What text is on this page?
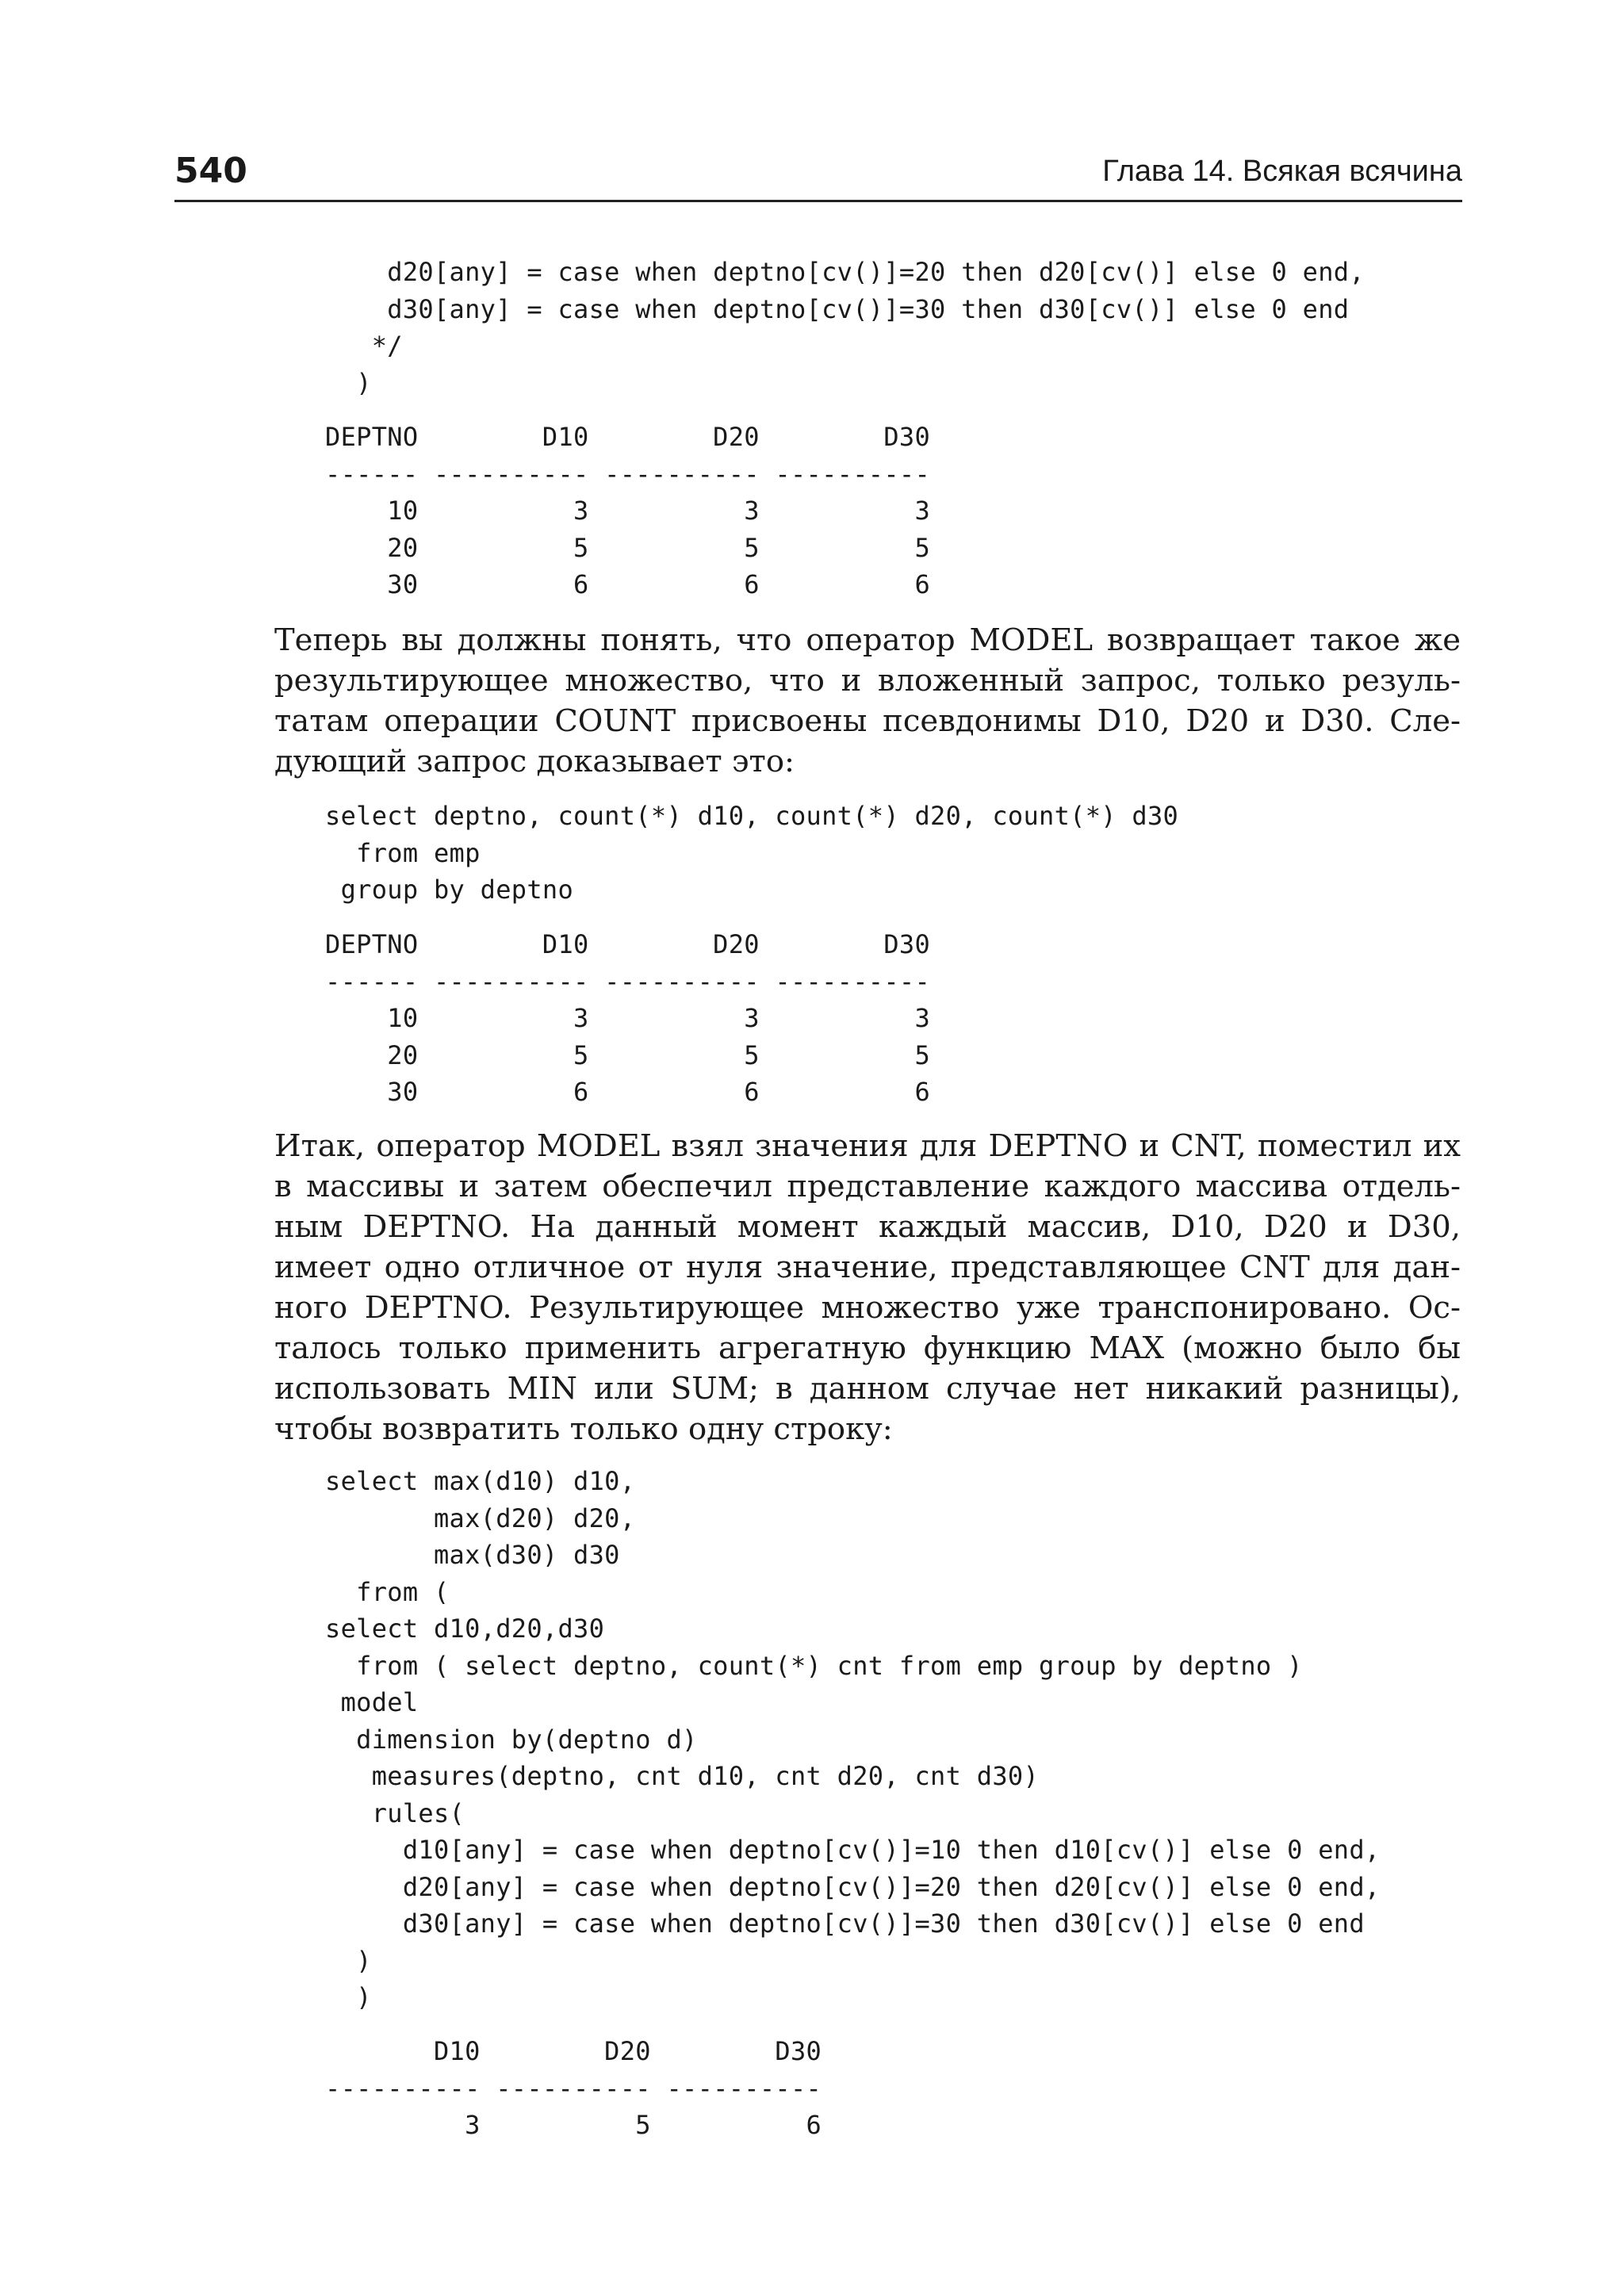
540	Глава 14. Всякая всячина
d20[any] = case when deptno[cv()]=20 then d20[cv()] else 0 end,
d30[any] = case when deptno[cv()]=30 then d30[cv()] else 0 end
*/
)
DEPTNO        D10        D20        D30
------ ---------- ---------- ----------
10          3          3          3
20          5          5          5
30          6          6          6

Теперь вы должны понять, что оператор MODEL возвращает такое же результирующее множество, что и вложенный запрос, только результатам операции COUNT присвоены псевдонимы D10, D20 и D30. Следующий запрос доказывает это:

select deptno, count(*) d10, count(*) d20, count(*) d30
from emp
group by deptno
DEPTNO        D10        D20        D30
------ ---------- ---------- ----------
10          3          3          3
20          5          5          5
30          6          6          6

Итак, оператор MODEL взял значения для DEPTNO и CNT, поместил их в массивы и затем обеспечил представление каждого массива отдельным DEPTNO. На данный момент каждый массив, D10, D20 и D30, имеет одно отличное от нуля значение, представляющее CNT для данного DEPTNO. Результирующее множество уже транспонировано. Осталось только применить агрегатную функцию MAX (можно было бы использовать MIN или SUM; в данном случае нет никакий разницы), чтобы возвратить только одну строку:

select max(d10) d10,
max(d20) d20,
max(d30) d30
from (
select d10,d20,d30
from ( select deptno, count(*) cnt from emp group by deptno )
model
dimension by(deptno d)
measures(deptno, cnt d10, cnt d20, cnt d30)
rules(
d10[any] = case when deptno[cv()]=10 then d10[cv()] else 0 end,
d20[any] = case when deptno[cv()]=20 then d20[cv()] else 0 end,
d30[any] = case when deptno[cv()]=30 then d30[cv()] else 0 end
)
)
D10        D20        D30
---------- ---------- ----------
3          5          6
